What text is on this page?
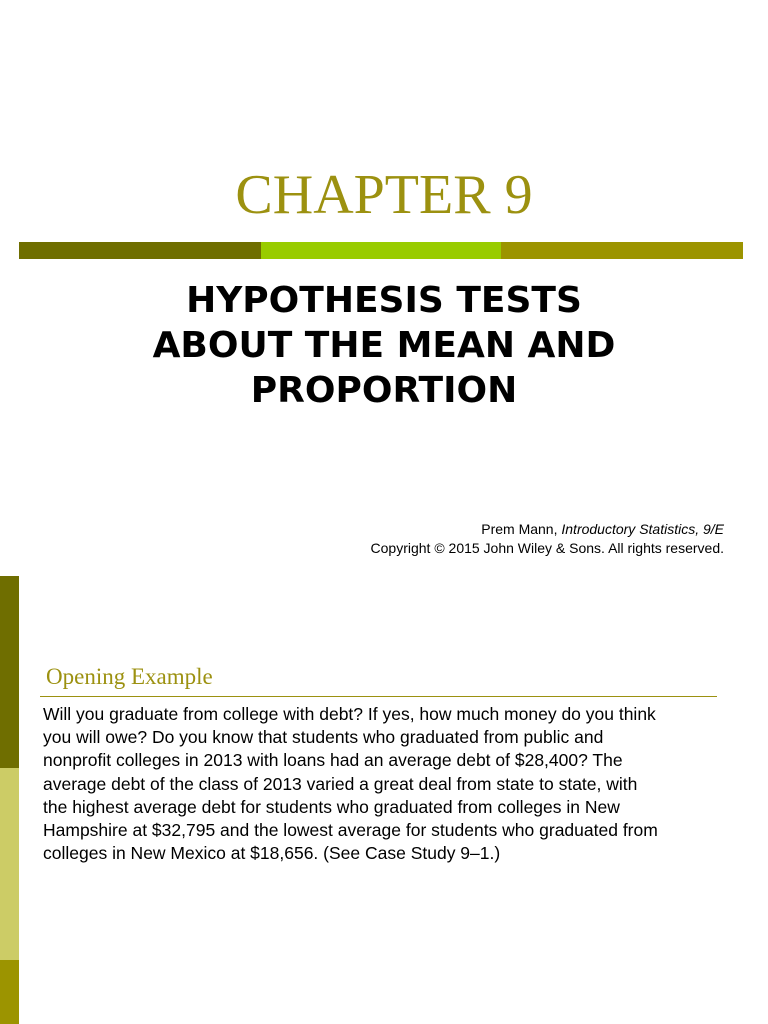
CHAPTER 9
HYPOTHESIS TESTS
ABOUT THE MEAN AND
PROPORTION
Prem Mann, Introductory Statistics, 9/E
Copyright © 2015 John Wiley & Sons. All rights reserved.
Opening Example
Will you graduate from college with debt? If yes, how much money do you think
you will owe? Do you know that students who graduated from public and
nonprofit colleges in 2013 with loans had an average debt of $28,400? The
average debt of the class of 2013 varied a great deal from state to state, with
the highest average debt for students who graduated from colleges in New
Hampshire at $32,795 and the lowest average for students who graduated from
colleges in New Mexico at $18,656. (See Case Study 9–1.)
